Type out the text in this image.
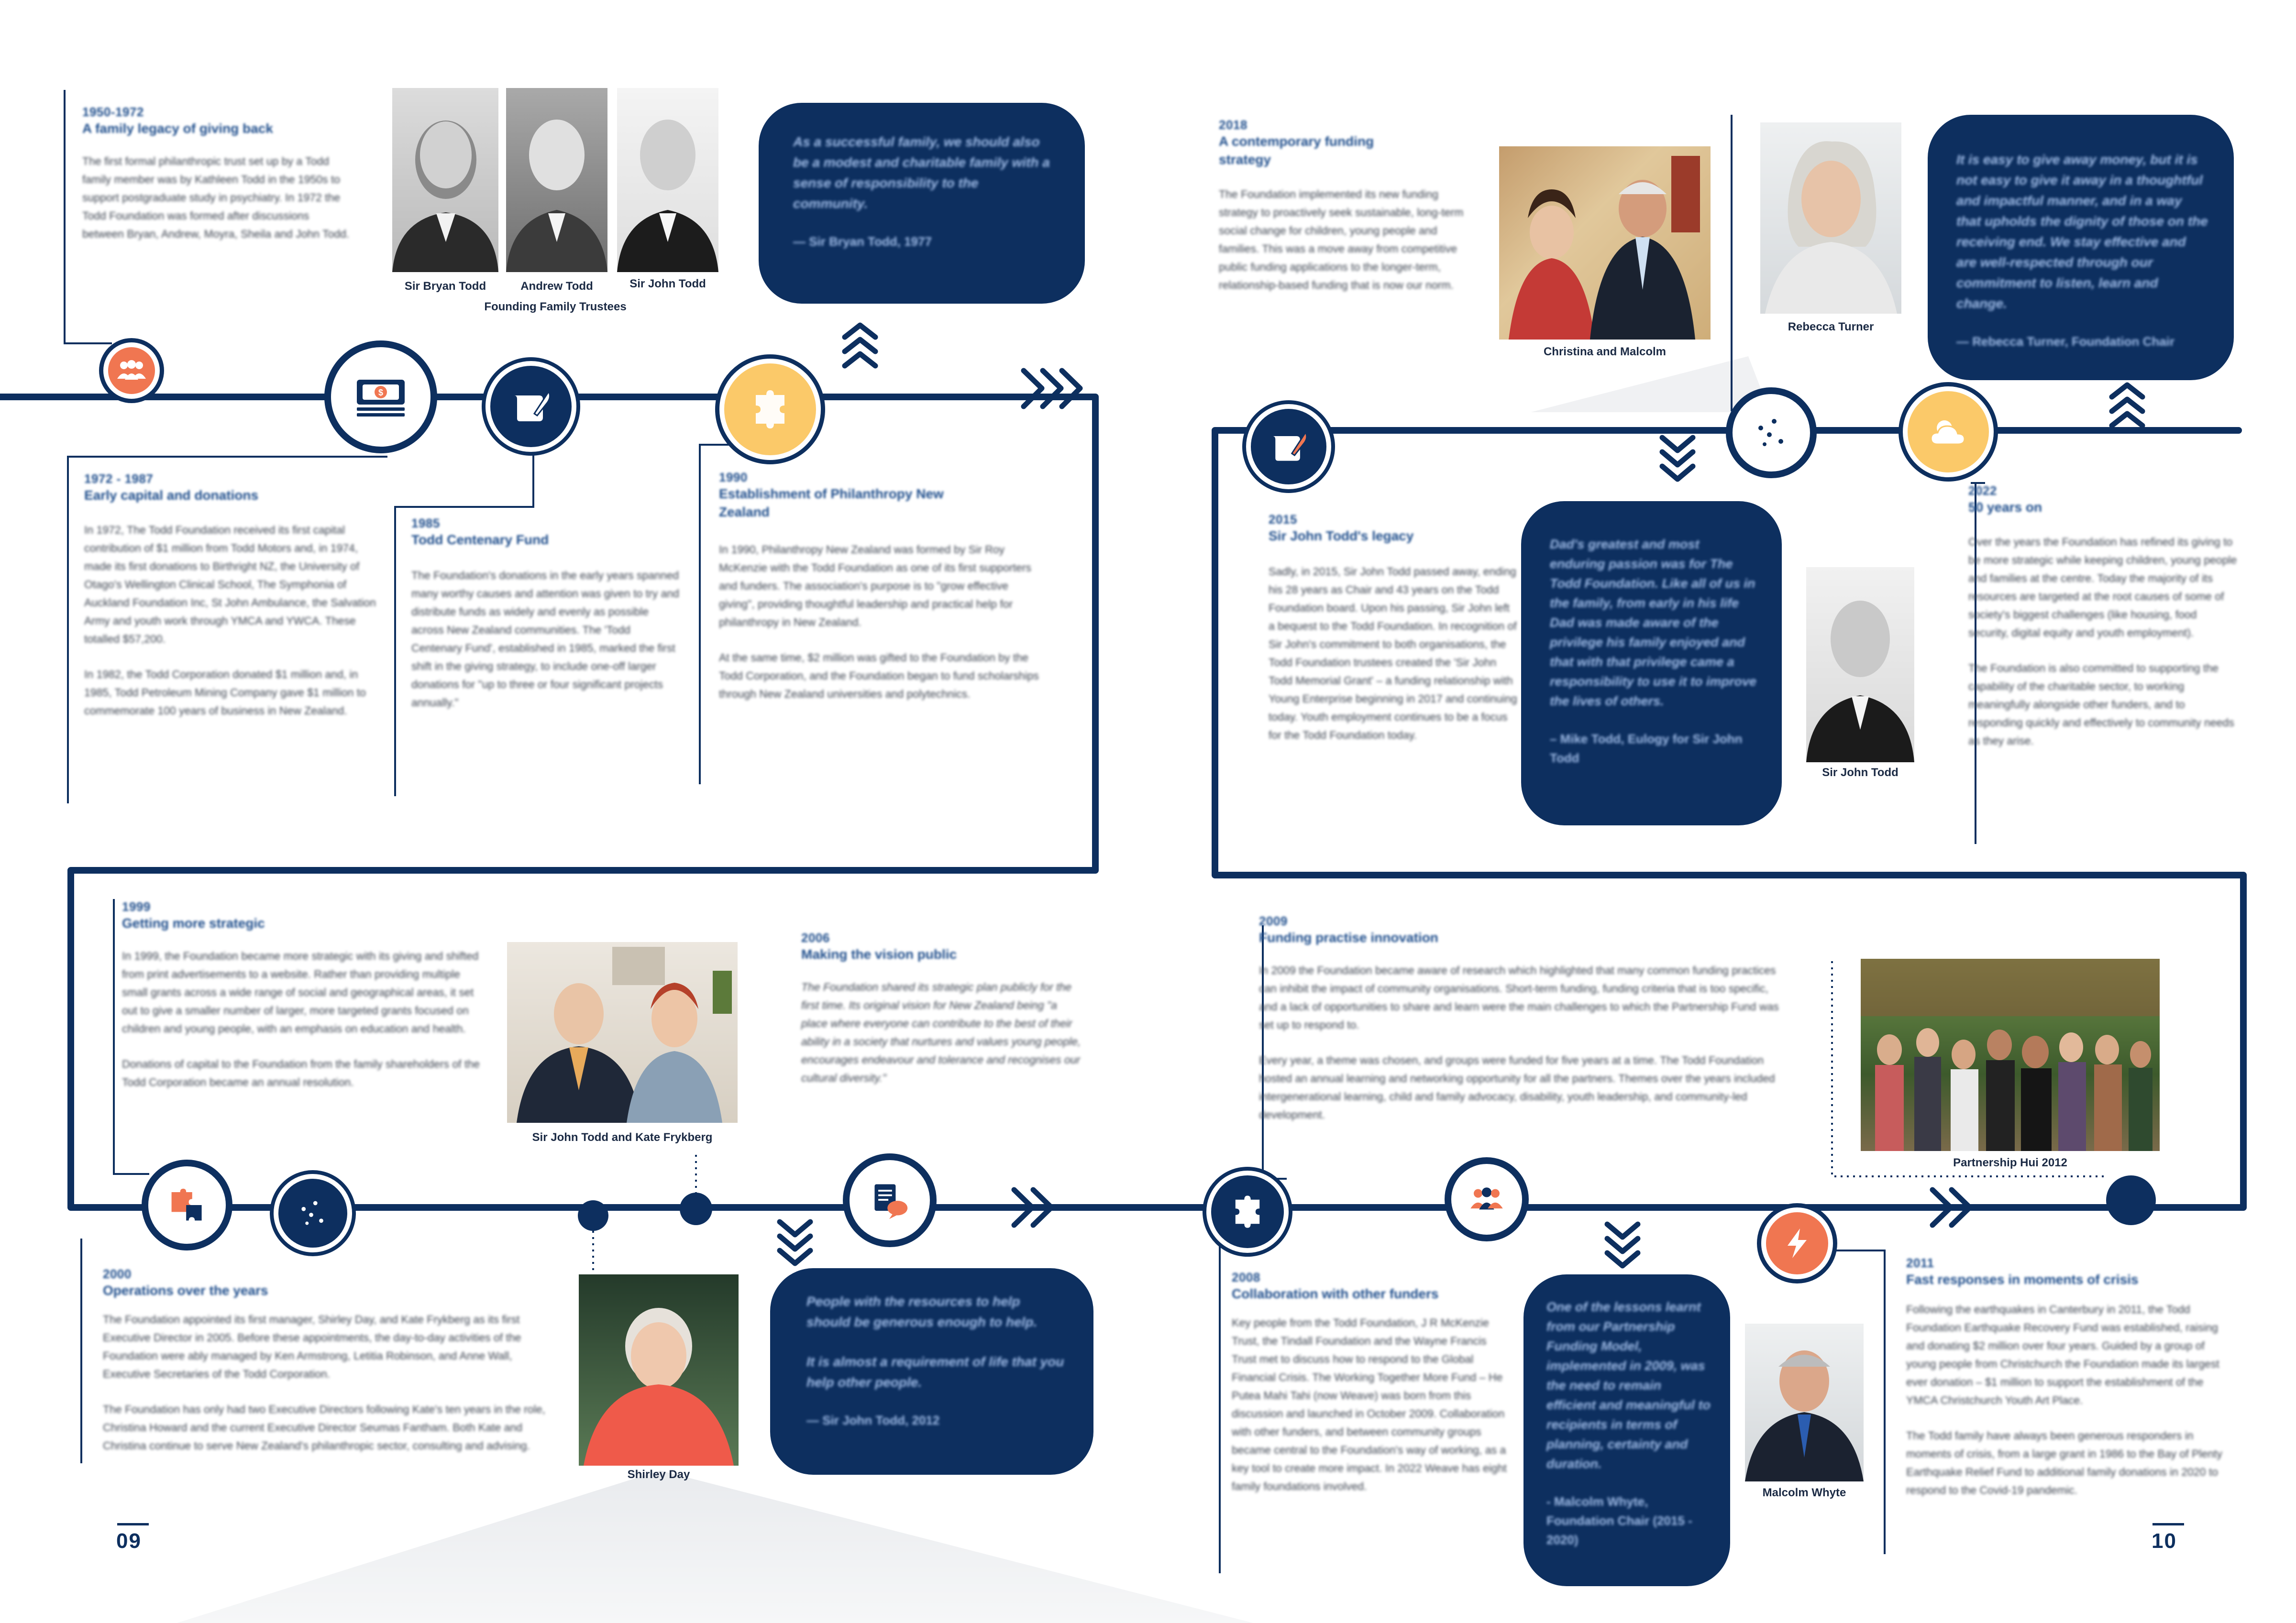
$
1950-1972
A family legacy of giving back

The first formal philanthropic trust set up by a Todd family member was by Kathleen Todd in the 1950s to support postgraduate study in psychiatry. In 1972 the Todd Foundation was formed after discussions between Bryan, Andrew, Moyra, Sheila and John Todd.

Sir Bryan Todd	Andrew Todd	Sir John Todd
Founding Family Trustees

As a successful family, we should also be a modest and charitable family with a sense of responsibility to the community.

— Sir Bryan Todd, 1977

1972 - 1987
Early capital and donations

In 1972, The Todd Foundation received its first capital contribution of $1 million from Todd Motors and, in 1974, made its first donations to Birthright NZ, the University of Otago's Wellington Clinical School, The Symphonia of Auckland Foundation Inc, St John Ambulance, the Salvation Army and youth work through YMCA and YWCA. These totalled $57,200.

In 1982, the Todd Corporation donated $1 million and, in 1985, Todd Petroleum Mining Company gave $1 million to commemorate 100 years of business in New Zealand.

1985
Todd Centenary Fund

The Foundation's donations in the early years spanned many worthy causes and attention was given to try and distribute funds as widely and evenly as possible across New Zealand communities. The 'Todd Centenary Fund', established in 1985, marked the first shift in the giving strategy, to include one-off larger donations for "up to three or four significant projects annually."

1990
Establishment of Philanthropy New Zealand

In 1990, Philanthropy New Zealand was formed by Sir Roy McKenzie with the Todd Foundation as one of its first supporters and funders. The association's purpose is to "grow effective giving", providing thoughtful leadership and practical help for philanthropy in New Zealand.

At the same time, $2 million was gifted to the Foundation by the Todd Corporation, and the Foundation began to fund scholarships through New Zealand universities and polytechnics.

2018
A contemporary funding strategy

The Foundation implemented its new funding strategy to proactively seek sustainable, long-term social change for children, young people and families. This was a move away from competitive public funding applications to the longer-term, relationship-based funding that is now our norm.

Christina and Malcolm
Rebecca Turner

It is easy to give away money, but it is not easy to give it away in a thoughtful and impactful manner, and in a way that upholds the dignity of those on the receiving end. We stay effective and are well-respected through our commitment to listen, learn and change.

— Rebecca Turner, Foundation Chair

2015
Sir John Todd's legacy

Sadly, in 2015, Sir John Todd passed away, ending his 28 years as Chair and 43 years on the Todd Foundation board. Upon his passing, Sir John left a bequest to the Todd Foundation. In recognition of Sir John's commitment to both organisations, the Todd Foundation trustees created the 'Sir John Todd Memorial Grant' – a funding relationship with Young Enterprise beginning in 2017 and continuing today. Youth employment continues to be a focus for the Todd Foundation today.

Dad's greatest and most enduring passion was for The Todd Foundation. Like all of us in the family, from early in his life Dad was made aware of the privilege his family enjoyed and that with that privilege came a responsibility to use it to improve the lives of others.

– Mike Todd, Eulogy for Sir John Todd

Sir John Todd
2022
50 years on

Over the years the Foundation has refined its giving to be more strategic while keeping children, young people and families at the centre. Today the majority of its resources are targeted at the root causes of some of society's biggest challenges (like housing, food security, digital equity and youth employment).

The Foundation is also committed to supporting the capability of the charitable sector, to working meaningfully alongside other funders, and to responding quickly and effectively to community needs as they arise.

1999
Getting more strategic

In 1999, the Foundation became more strategic with its giving and shifted from print advertisements to a website. Rather than providing multiple small grants across a wide range of social and geographical areas, it set out to give a smaller number of larger, more targeted grants focused on children and young people, with an emphasis on education and health.

Donations of capital to the Foundation from the family shareholders of the Todd Corporation became an annual resolution.

Sir John Todd and Kate Frykberg
2006
Making the vision public

The Foundation shared its strategic plan publicly for the first time. Its original vision for New Zealand being "a place where everyone can contribute to the best of their ability in a society that nurtures and values young people, encourages endeavour and tolerance and recognises our cultural diversity."

2009
Funding practise innovation

In 2009 the Foundation became aware of research which highlighted that many common funding practices can inhibit the impact of community organisations. Short-term funding, funding criteria that is too specific, and a lack of opportunities to share and learn were the main challenges to which the Partnership Fund was set up to respond to.

Every year, a theme was chosen, and groups were funded for five years at a time. The Todd Foundation hosted an annual learning and networking opportunity for all the partners. Themes over the years included intergenerational learning, child and family advocacy, disability, youth leadership, and community-led development.

Partnership Hui 2012
2000
Operations over the years

The Foundation appointed its first manager, Shirley Day, and Kate Frykberg as its first Executive Director in 2005. Before these appointments, the day-to-day activities of the Foundation were ably managed by Ken Armstrong, Letitia Robinson, and Anne Wall, Executive Secretaries of the Todd Corporation.

The Foundation has only had two Executive Directors following Kate's ten years in the role, Christina Howard and the current Executive Director Seumas Fantham. Both Kate and Christina continue to serve New Zealand's philanthropic sector, consulting and advising.

Shirley Day

People with the resources to help should be generous enough to help.

It is almost a requirement of life that you help other people.

— Sir John Todd, 2012

2008
Collaboration with other funders

Key people from the Todd Foundation, J R McKenzie Trust, the Tindall Foundation and the Wayne Francis Trust met to discuss how to respond to the Global Financial Crisis. The Working Together More Fund – He Putea Mahi Tahi (now Weave) was born from this discussion and launched in October 2009. Collaboration with other funders, and between community groups became central to the Foundation's way of working, as a key tool to create more impact. In 2022 Weave has eight family foundations involved.

One of the lessons learnt from our Partnership Funding Model, implemented in 2009, was the need to remain efficient and meaningful to recipients in terms of planning, certainty and duration.

- Malcolm Whyte, Foundation Chair (2015 - 2020)

Malcolm Whyte
2011
Fast responses in moments of crisis

Following the earthquakes in Canterbury in 2011, the Todd Foundation Earthquake Recovery Fund was established, raising and donating $2 million over four years. Guided by a group of young people from Christchurch the Foundation made its largest ever donation – $1 million to support the establishment of the YMCA Christchurch Youth Art Place.

The Todd family have always been generous responders in moments of crisis, from a large grant in 1986 to the Bay of Plenty Earthquake Relief Fund to additional family donations in 2020 to respond to the Covid-19 pandemic.

09	10
